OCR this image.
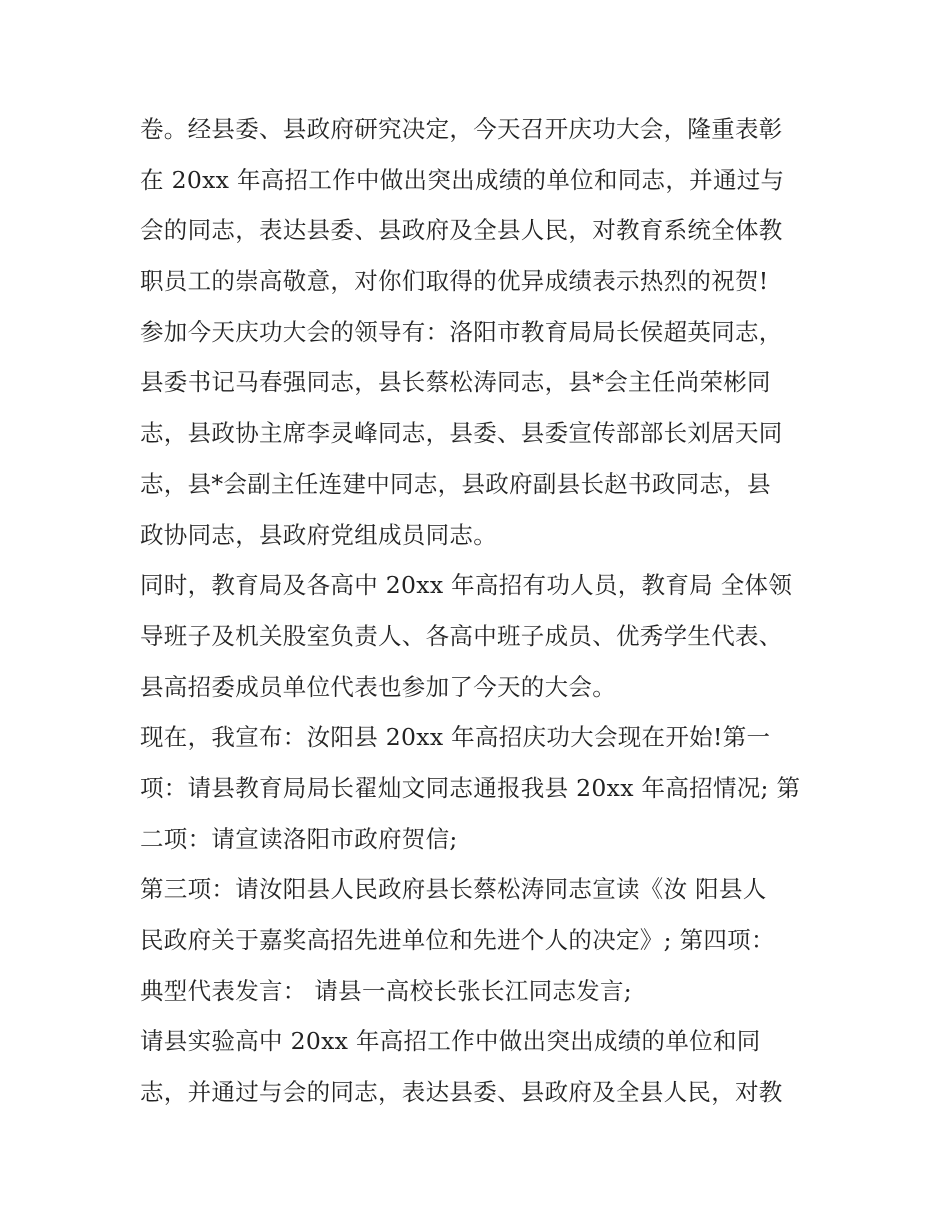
卷。经县委、县政府研究决定，今天召开庆功大会，隆重表彰
在 20xx 年高招工作中做出突出成绩的单位和同志，并通过与
会的同志，表达县委、县政府及全县人民，对教育系统全体教
职员工的崇高敬意，对你们取得的优异成绩表示热烈的祝贺!
参加今天庆功大会的领导有：洛阳市教育局局长侯超英同志，
县委书记马春强同志，县长蔡松涛同志，县*会主任尚荣彬同
志，县政协主席李灵峰同志，县委、县委宣传部部长刘居天同
志，县*会副主任连建中同志，县政府副县长赵书政同志，县
政协同志，县政府党组成员同志。
同时，教育局及各高中 20xx 年高招有功人员，教育局 全体领
导班子及机关股室负责人、各高中班子成员、优秀学生代表、
县高招委成员单位代表也参加了今天的大会。
现在，我宣布：汝阳县 20xx 年高招庆功大会现在开始!第一
项：请县教育局局长翟灿文同志通报我县 20xx 年高招情况; 第
二项：请宣读洛阳市政府贺信;
第三项：请汝阳县人民政府县长蔡松涛同志宣读《汝 阳县人
民政府关于嘉奖高招先进单位和先进个人的决定》; 第四项：
典型代表发言： 请县一高校长张长江同志发言;
请县实验高中 20xx 年高招工作中做出突出成绩的单位和同
志，并通过与会的同志，表达县委、县政府及全县人民，对教
